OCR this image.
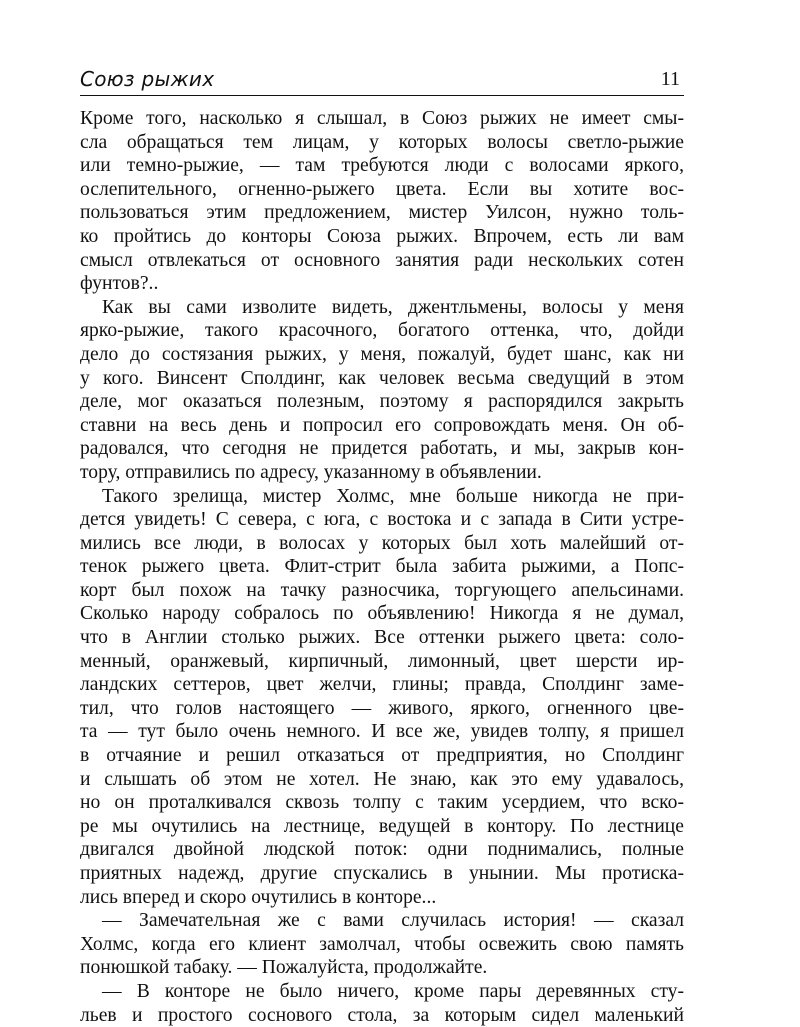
Союз рыжих	11
Кроме того, насколько я слышал, в Союз рыжих не имеет смы-
сла обращаться тем лицам, у которых волосы светло-рыжие
или темно-рыжие, — там требуются люди с волосами яркого,
ослепительного, огненно-рыжего цвета. Если вы хотите вос-
пользоваться этим предложением, мистер Уилсон, нужно толь-
ко пройтись до конторы Союза рыжих. Впрочем, есть ли вам
смысл отвлекаться от основного занятия ради нескольких сотен
фунтов?..
Как вы сами изволите видеть, джентльмены, волосы у меня
ярко-рыжие, такого красочного, богатого оттенка, что, дойди
дело до состязания рыжих, у меня, пожалуй, будет шанс, как ни
у кого. Винсент Сполдинг, как человек весьма сведущий в этом
деле, мог оказаться полезным, поэтому я распорядился закрыть
ставни на весь день и попросил его сопровождать меня. Он об-
радовался, что сегодня не придется работать, и мы, закрыв кон-
тору, отправились по адресу, указанному в объявлении.
Такого зрелища, мистер Холмс, мне больше никогда не при-
дется увидеть! С севера, с юга, с востока и с запада в Сити устре-
мились все люди, в волосах у которых был хоть малейший от-
тенок рыжего цвета. Флит-стрит была забита рыжими, а Попс-
корт был похож на тачку разносчика, торгующего апельсинами.
Сколько народу собралось по объявлению! Никогда я не думал,
что в Англии столько рыжих. Все оттенки рыжего цвета: соло-
менный, оранжевый, кирпичный, лимонный, цвет шерсти ир-
ландских сеттеров, цвет желчи, глины; правда, Сполдинг заме-
тил, что голов настоящего — живого, яркого, огненного цве-
та — тут было очень немного. И все же, увидев толпу, я пришел
в отчаяние и решил отказаться от предприятия, но Сполдинг
и слышать об этом не хотел. Не знаю, как это ему удавалось,
но он проталкивался сквозь толпу с таким усердием, что вско-
ре мы очутились на лестнице, ведущей в контору. По лестнице
двигался двойной людской поток: одни поднимались, полные
приятных надежд, другие спускались в унынии. Мы протиска-
лись вперед и скоро очутились в конторе...
— Замечательная же с вами случилась история! — сказал
Холмс, когда его клиент замолчал, чтобы освежить свою память
понюшкой табаку. — Пожалуйста, продолжайте.
— В конторе не было ничего, кроме пары деревянных сту-
льев и простого соснового стола, за которым сидел маленький
